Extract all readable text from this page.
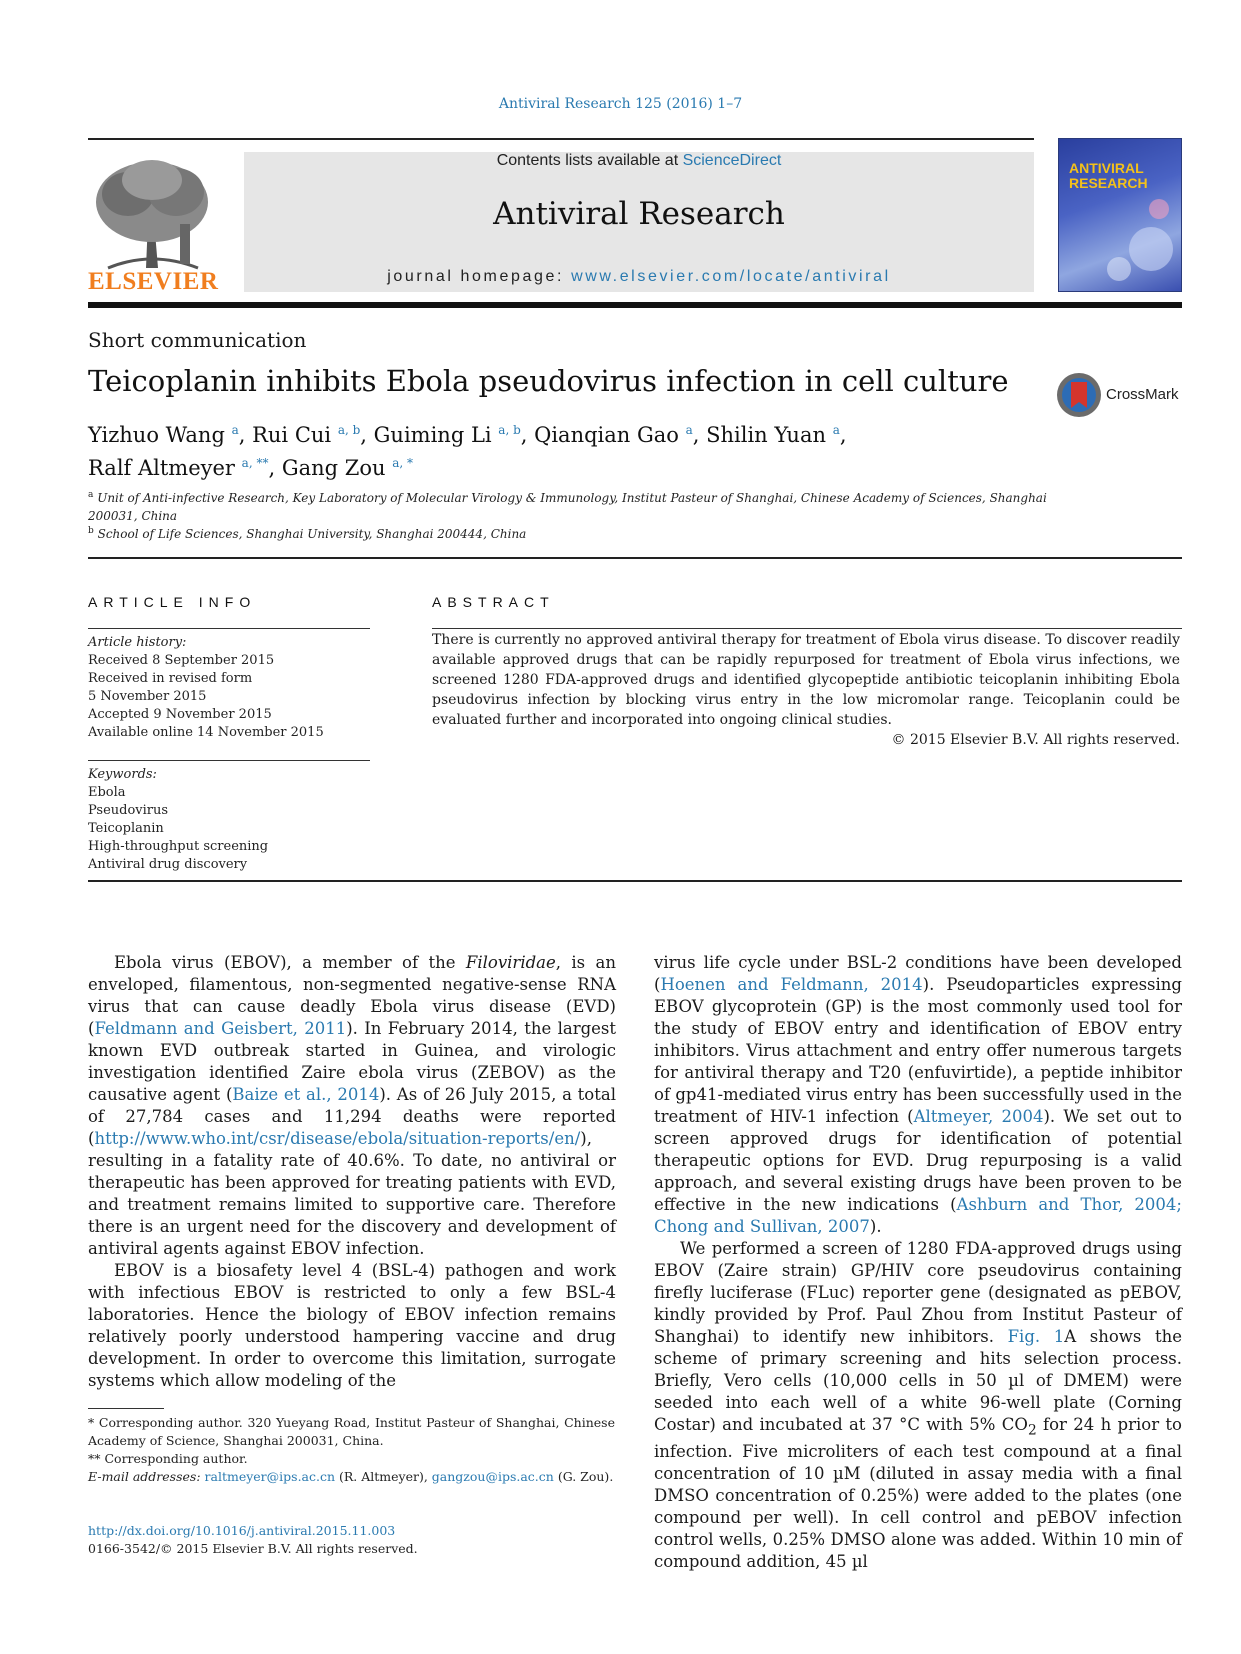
Antiviral Research 125 (2016) 1–7
ELSEVIER
Contents lists available at ScienceDirect
Antiviral Research
journal homepage: www.elsevier.com/locate/antiviral
ANTIVIRAL
RESEARCH
Short communication
Teicoplanin inhibits Ebola pseudovirus infection in cell culture	CrossMark
Yizhuo Wang $^a$, Rui Cui $^{a, b}$, Guiming Li $^{a, b}$, Qianqian Gao $^a$, Shilin Yuan $^a$,
Ralf Altmeyer $^{a, **}$, Gang Zou $^{a, *}$
$^a$ Unit of Anti-infective Research, Key Laboratory of Molecular Virology & Immunology, Institut Pasteur of Shanghai, Chinese Academy of Sciences, Shanghai 200031, China
$^b$ School of Life Sciences, Shanghai University, Shanghai 200444, China
ARTICLE INFO
Article history:
Received 8 September 2015
Received in revised form
5 November 2015
Accepted 9 November 2015
Available online 14 November 2015
Keywords:
Ebola
Pseudovirus
Teicoplanin
High-throughput screening
Antiviral drug discovery
ABSTRACT
There is currently no approved antiviral therapy for treatment of Ebola virus disease. To discover readily available approved drugs that can be rapidly repurposed for treatment of Ebola virus infections, we screened 1280 FDA-approved drugs and identified glycopeptide antibiotic teicoplanin inhibiting Ebola pseudovirus infection by blocking virus entry in the low micromolar range. Teicoplanin could be evaluated further and incorporated into ongoing clinical studies.
© 2015 Elsevier B.V. All rights reserved.

Ebola virus (EBOV), a member of the Filoviridae, is an enveloped, filamentous, non-segmented negative-sense RNA virus that can cause deadly Ebola virus disease (EVD) (Feldmann and Geisbert, 2011). In February 2014, the largest known EVD outbreak started in Guinea, and virologic investigation identified Zaire ebola virus (ZEBOV) as the causative agent (Baize et al., 2014). As of 26 July 2015, a total of 27,784 cases and 11,294 deaths were reported (http://www.who.int/csr/disease/ebola/situation-reports/en/), resulting in a fatality rate of 40.6%. To date, no antiviral or therapeutic has been approved for treating patients with EVD, and treatment remains limited to supportive care. Therefore there is an urgent need for the discovery and development of antiviral agents against EBOV infection.

EBOV is a biosafety level 4 (BSL-4) pathogen and work with infectious EBOV is restricted to only a few BSL-4 laboratories. Hence the biology of EBOV infection remains relatively poorly understood hampering vaccine and drug development. In order to overcome this limitation, surrogate systems which allow modeling of the

virus life cycle under BSL-2 conditions have been developed (Hoenen and Feldmann, 2014). Pseudoparticles expressing EBOV glycoprotein (GP) is the most commonly used tool for the study of EBOV entry and identification of EBOV entry inhibitors. Virus attachment and entry offer numerous targets for antiviral therapy and T20 (enfuvirtide), a peptide inhibitor of gp41-mediated virus entry has been successfully used in the treatment of HIV-1 infection (Altmeyer, 2004). We set out to screen approved drugs for identification of potential therapeutic options for EVD. Drug repurposing is a valid approach, and several existing drugs have been proven to be effective in the new indications (Ashburn and Thor, 2004; Chong and Sullivan, 2007).

We performed a screen of 1280 FDA-approved drugs using EBOV (Zaire strain) GP/HIV core pseudovirus containing firefly luciferase (FLuc) reporter gene (designated as pEBOV, kindly provided by Prof. Paul Zhou from Institut Pasteur of Shanghai) to identify new inhibitors. Fig. 1A shows the scheme of primary screening and hits selection process. Briefly, Vero cells (10,000 cells in 50 µl of DMEM) were seeded into each well of a white 96-well plate (Corning Costar) and incubated at 37 °C with 5% $CO_2$ for 24 h prior to infection. Five microliters of each test compound at a final concentration of 10 µM (diluted in assay media with a final DMSO concentration of 0.25%) were added to the plates (one compound per well). In cell control and pEBOV infection control wells, 0.25% DMSO alone was added. Within 10 min of compound addition, 45 µl

* Corresponding author. 320 Yueyang Road, Institut Pasteur of Shanghai, Chinese Academy of Science, Shanghai 200031, China.
** Corresponding author.
E-mail addresses: raltmeyer@ips.ac.cn (R. Altmeyer), gangzou@ips.ac.cn (G. Zou).
http://dx.doi.org/10.1016/j.antiviral.2015.11.003
0166-3542/© 2015 Elsevier B.V. All rights reserved.
